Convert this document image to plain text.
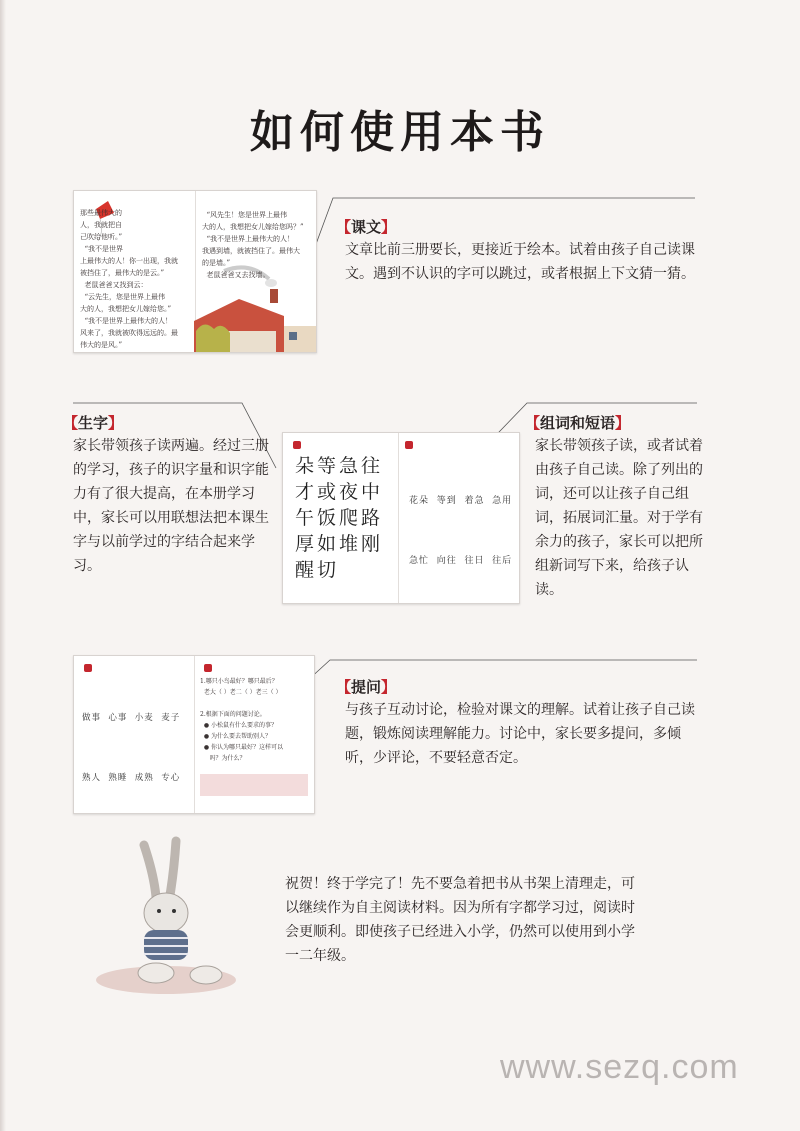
如何使用本书
那些最伟大的
人，我就把自
己吹给他听。”
“我不是世界
上最伟大的人！你一出现，我就
被挡住了，最伟大的是云。”
老鼠爸爸又找到云：
“云先生，您是世界上最伟
大的人，我想把女儿嫁给您。”
“我不是世界上最伟大的人！
风来了，我就被吹得远远的。最
伟大的是风。”

“风先生！您是世界上最伟
大的人，我想把女儿嫁给您吗？”
“我不是世界上最伟大的人！
我遇到墙，就被挡住了。最伟大
的是墙。”
老鼠爸爸又去找墙。
【课文】
文章比前三册要长，更接近于绘本。试着由孩子自己读课文。遇到不认识的字可以跳过，或者根据上下文猜一猜。
【生字】
家长带领孩子读两遍。经过三册的学习，孩子的识字量和识字能力有了很大提高，在本册学习中，家长可以用联想法把本课生字与以前学过的字结合起来学习。
朵等急往
才或夜中
午饭爬路
厚如堆刚
醒切

花朵  等到  着急  急用

急忙  向往  往日  往后

【组词和短语】
家长带领孩子读，或者试着由孩子自己读。除了列出的词，还可以让孩子自己组词，拓展词汇量。对于学有余力的孩子，家长可以把所组新词写下来，给孩子认读。

做事  心事  小麦  麦子

熟人  熟睡  成熟  专心

1.哪只小鸟最好？哪只最后？
老大（ ）老二（ ）老三（ ）

2.根据下面的问题讨论。
● 小松鼠有什么要求的事？
● 为什么要去帮助别人？
● 你认为哪只最好？这样可以
吗？为什么？
【提问】
与孩子互动讨论，检验对课文的理解。试着让孩子自己读题，锻炼阅读理解能力。讨论中，家长要多提问，多倾听，少评论，不要轻意否定。
祝贺！终于学完了！先不要急着把书从书架上清理走，可以继续作为自主阅读材料。因为所有字都学习过，阅读时会更顺利。即使孩子已经进入小学，仍然可以使用到小学一二年级。
www.sezq.com
